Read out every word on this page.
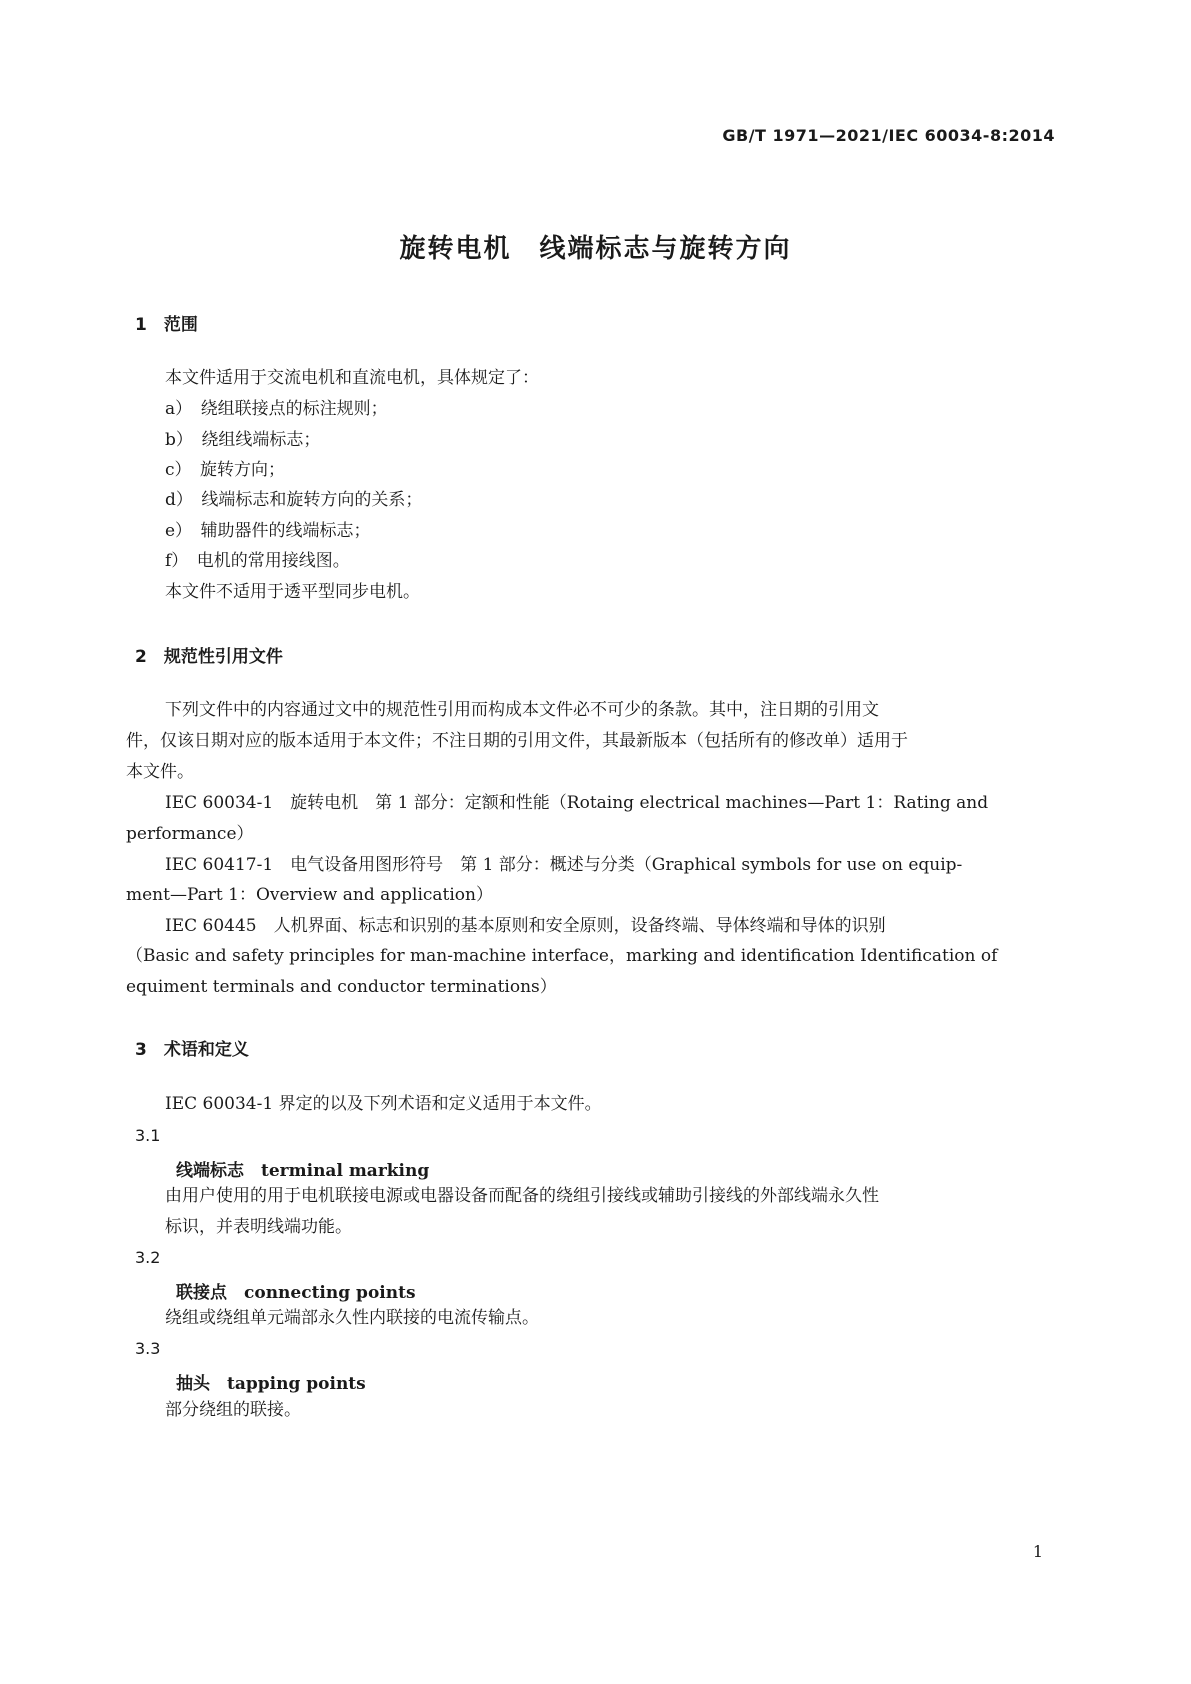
GB/T 1971—2021/IEC 60034-8:2014
旋转电机　线端标志与旋转方向
1　范围
本文件适用于交流电机和直流电机，具体规定了：
a）　绕组联接点的标注规则；
b）　绕组线端标志；
c）　旋转方向；
d）　线端标志和旋转方向的关系；
e）　辅助器件的线端标志；
f）　电机的常用接线图。
本文件不适用于透平型同步电机。
2　规范性引用文件
下列文件中的内容通过文中的规范性引用而构成本文件必不可少的条款。其中，注日期的引用文
件，仅该日期对应的版本适用于本文件；不注日期的引用文件，其最新版本（包括所有的修改单）适用于
本文件。
IEC 60034-1　旋转电机　第 1 部分：定额和性能（Rotaing electrical machines—Part 1：Rating and
performance）
IEC 60417-1　电气设备用图形符号　第 1 部分：概述与分类（Graphical symbols for use on equip-
ment—Part 1：Overview and application）
IEC 60445　人机界面、标志和识别的基本原则和安全原则，设备终端、导体终端和导体的识别
（Basic and safety principles for man-machine interface，marking and identification Identification of
equiment terminals and conductor terminations）
3　术语和定义
IEC 60034-1 界定的以及下列术语和定义适用于本文件。
3.1
线端标志　terminal marking
由用户使用的用于电机联接电源或电器设备而配备的绕组引接线或辅助引接线的外部线端永久性
标识，并表明线端功能。
3.2
联接点　connecting points
绕组或绕组单元端部永久性内联接的电流传输点。
3.3
抽头　tapping points
部分绕组的联接。
1
